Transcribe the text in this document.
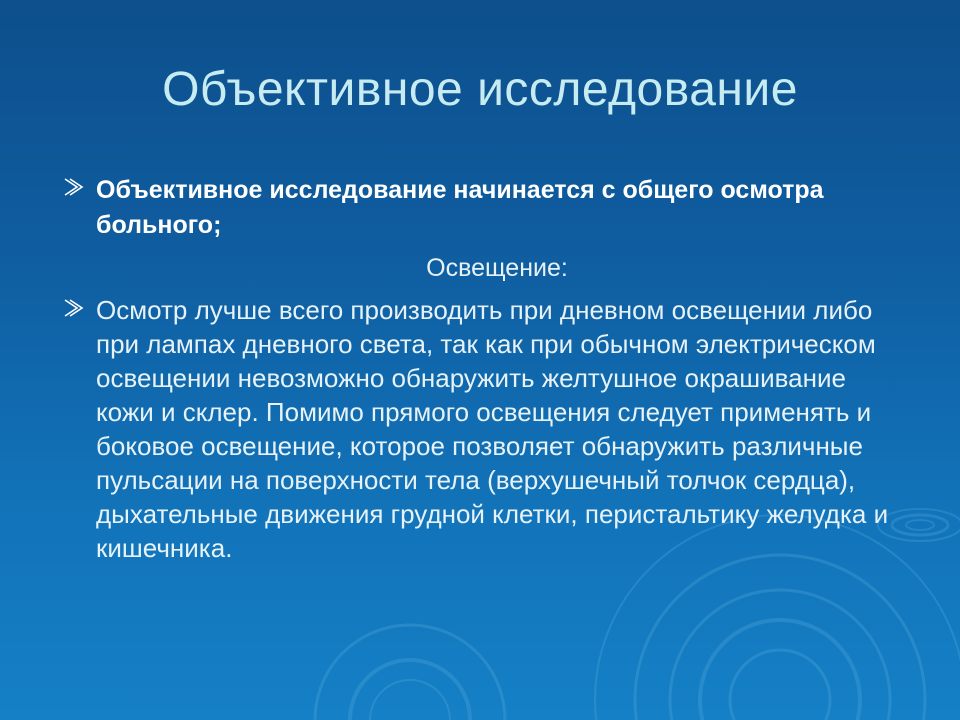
Объективное исследование
Объективное исследование начинается с общего осмотра больного;
Освещение:
Осмотр лучше всего производить при дневном освещении либо при лампах дневного света, так как при обычном электрическом освещении невозможно обнаружить желтушное окрашивание кожи и склер. Помимо прямого освещения следует применять и боковое освещение, которое позволяет обнаружить различные пульсации на поверхности тела (верхушечный толчок сердца), дыхательные движения грудной клетки, перистальтику желудка и кишечника.
